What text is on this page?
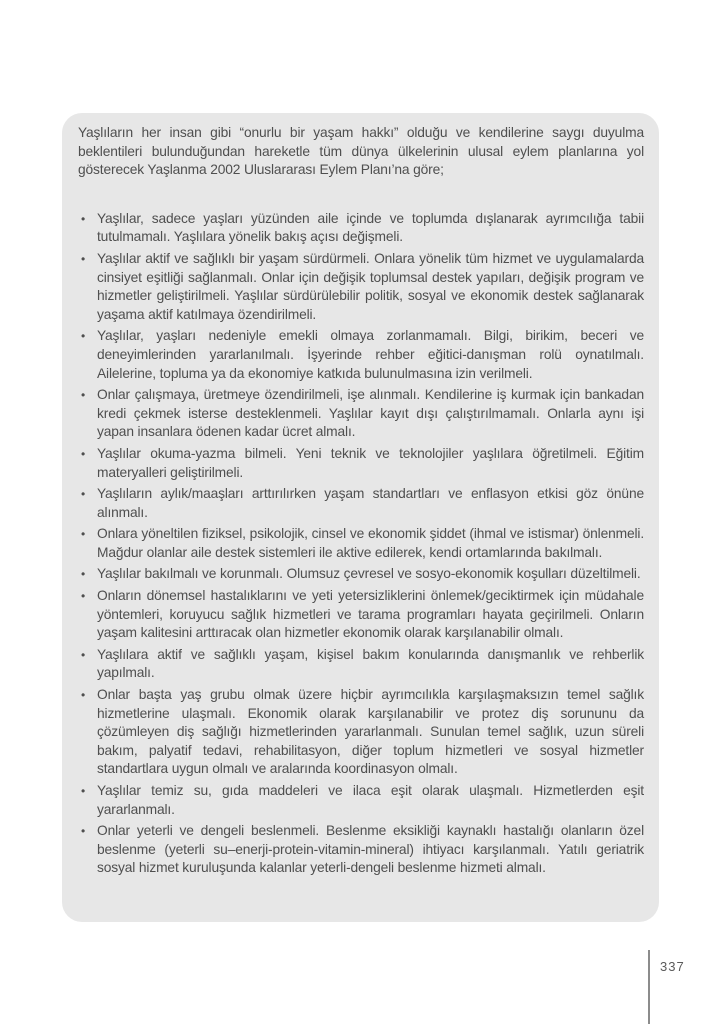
Yaşlıların her insan gibi “onurlu bir yaşam hakkı” olduğu ve kendilerine saygı duyulma beklentileri bulunduğundan hareketle tüm dünya ülkelerinin ulusal eylem planlarına yol gösterecek Yaşlanma 2002 Uluslararası Eylem Planı’na göre;

• Yaşlılar, sadece yaşları yüzünden aile içinde ve toplumda dışlanarak ayrımcılığa tabii tutulmamalı. Yaşlılara yönelik bakış açısı değişmeli.
• Yaşlılar aktif ve sağlıklı bir yaşam sürdürmeli. Onlara yönelik tüm hizmet ve uygulamalarda cinsiyet eşitliği sağlanmalı. Onlar için değişik toplumsal destek yapıları, değişik program ve hizmetler geliştirilmeli. Yaşlılar sürdürülebilir politik, sosyal ve ekonomik destek sağlanarak yaşama aktif katılmaya özendirilmeli.
• Yaşlılar, yaşları nedeniyle emekli olmaya zorlanmamalı. Bilgi, birikim, beceri ve deneyimlerinden yararlanılmalı. İşyerinde rehber eğitici-danışman rolü oynatılmalı. Ailelerine, topluma ya da ekonomiye katkıda bulunulmasına izin verilmeli.
• Onlar çalışmaya, üretmeye özendirilmeli, işe alınmalı. Kendilerine iş kurmak için bankadan kredi çekmek isterse desteklenmeli. Yaşlılar kayıt dışı çalıştırılmamalı. Onlarla aynı işi yapan insanlara ödenen kadar ücret almalı.
• Yaşlılar okuma-yazma bilmeli. Yeni teknik ve teknolojiler yaşlılara öğretilmeli. Eğitim materyalleri geliştirilmeli.
• Yaşlıların aylık/maaşları arttırılırken yaşam standartları ve enflasyon etkisi göz önüne alınmalı.
• Onlara yöneltilen fiziksel, psikolojik, cinsel ve ekonomik şiddet (ihmal ve istismar) önlenmeli. Mağdur olanlar aile destek sistemleri ile aktive edilerek, kendi ortamlarında bakılmalı.
• Yaşlılar bakılmalı ve korunmalı. Olumsuz çevresel ve sosyo-ekonomik koşulları düzeltilmeli.
• Onların dönemsel hastalıklarını ve yeti yetersizliklerini önlemek/geciktirmek için müdahale yöntemleri, koruyucu sağlık hizmetleri ve tarama programları hayata geçirilmeli. Onların yaşam kalitesini arttıracak olan hizmetler ekonomik olarak karşılanabilir olmalı.
• Yaşlılara aktif ve sağlıklı yaşam, kişisel bakım konularında danışmanlık ve rehberlik yapılmalı.
• Onlar başta yaş grubu olmak üzere hiçbir ayrımcılıkla karşılaşmaksızın temel sağlık hizmetlerine ulaşmalı. Ekonomik olarak karşılanabilir ve protez diş sorununu da çözümleyen diş sağlığı hizmetlerinden yararlanmalı. Sunulan temel sağlık, uzun süreli bakım, palyatif tedavi, rehabilitasyon, diğer toplum hizmetleri ve sosyal hizmetler standartlara uygun olmalı ve aralarında koordinasyon olmalı.
• Yaşlılar temiz su, gıda maddeleri ve ilaca eşit olarak ulaşmalı. Hizmetlerden eşit yararlanmalı.
• Onlar yeterli ve dengeli beslenmeli. Beslenme eksikliği kaynaklı hastalığı olanların özel beslenme (yeterli su–enerji-protein-vitamin-mineral) ihtiyacı karşılanmalı. Yatılı geriatrik sosyal hizmet kuruluşunda kalanlar yeterli-dengeli beslenme hizmeti almalı.
337
